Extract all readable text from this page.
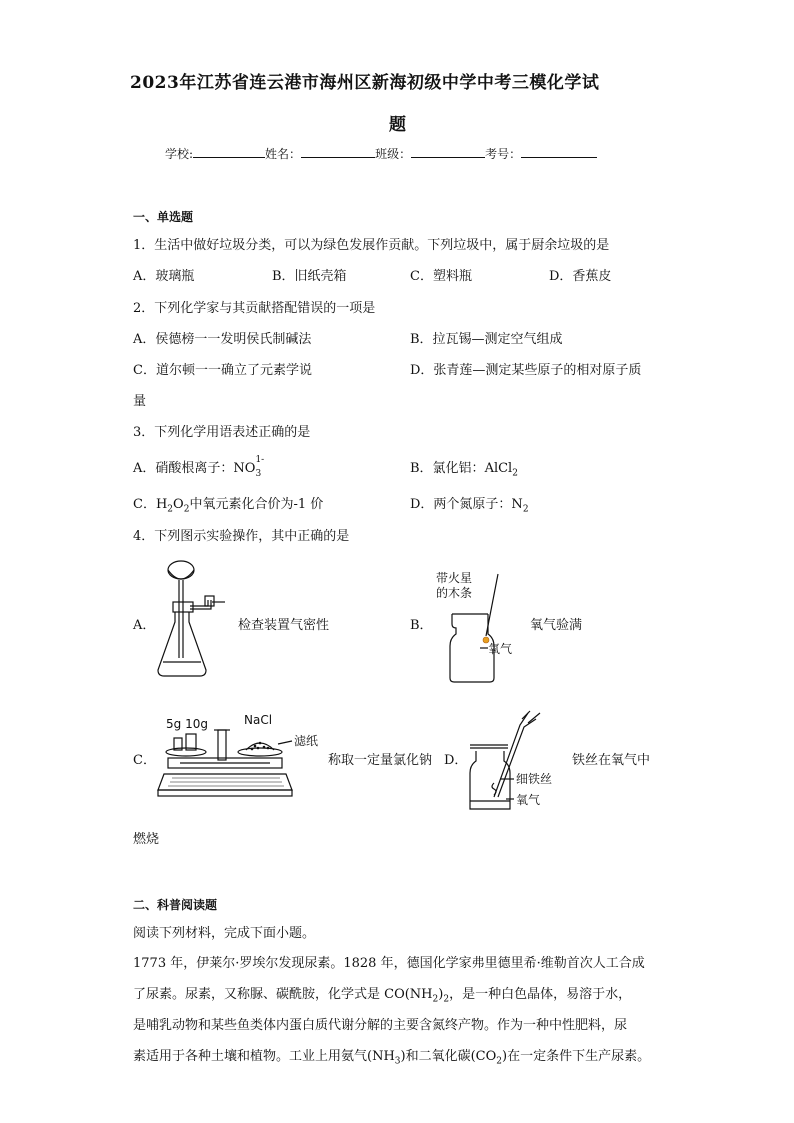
2023年江苏省连云港市海州区新海初级中学中考三模化学试
题
学校:	姓名：	班级：	考号：
一、单选题
1．生活中做好垃圾分类，可以为绿色发展作贡献。下列垃圾中，属于厨余垃圾的是
A．玻璃瓶	B．旧纸壳箱	C．塑料瓶	D．香蕉皮
2．下列化学家与其贡献搭配错误的一项是
A．侯德榜一一发明侯氏制碱法	B．拉瓦锡—测定空气组成
C．道尔顿一一确立了元素学说	D．张青莲—测定某些原子的相对原子质
量
3．下列化学用语表述正确的是
A．硝酸根离子：NO
1-
3	B．氯化铝：AlCl$_2$
C．$H_2O_2$中氧元素化合价为-1 价	D．两个氮原子：$N_2$
4．下列图示实验操作，其中正确的是
A．	检查装置气密性	B．
带火星
的木条
氧气
氧气验满
C．
5g 10g	NaCl
滤纸
称取一定量氯化钠 D．
细铁丝
氧气
铁丝在氧气中
燃烧
二、科普阅读题
阅读下列材料，完成下面小题。
1773 年，伊莱尔·罗埃尔发现尿素。1828 年，德国化学家弗里德里希·维勒首次人工合成
了尿素。尿素，又称脲、碳酰胺，化学式是 $CO(NH_2)_2$，是一种白色晶体，易溶于水，
是哺乳动物和某些鱼类体内蛋白质代谢分解的主要含氮终产物。作为一种中性肥料，尿
素适用于各种土壤和植物。工业上用氨气$(NH_3)$和二氧化碳$(CO_2)$在一定条件下生产尿素。
